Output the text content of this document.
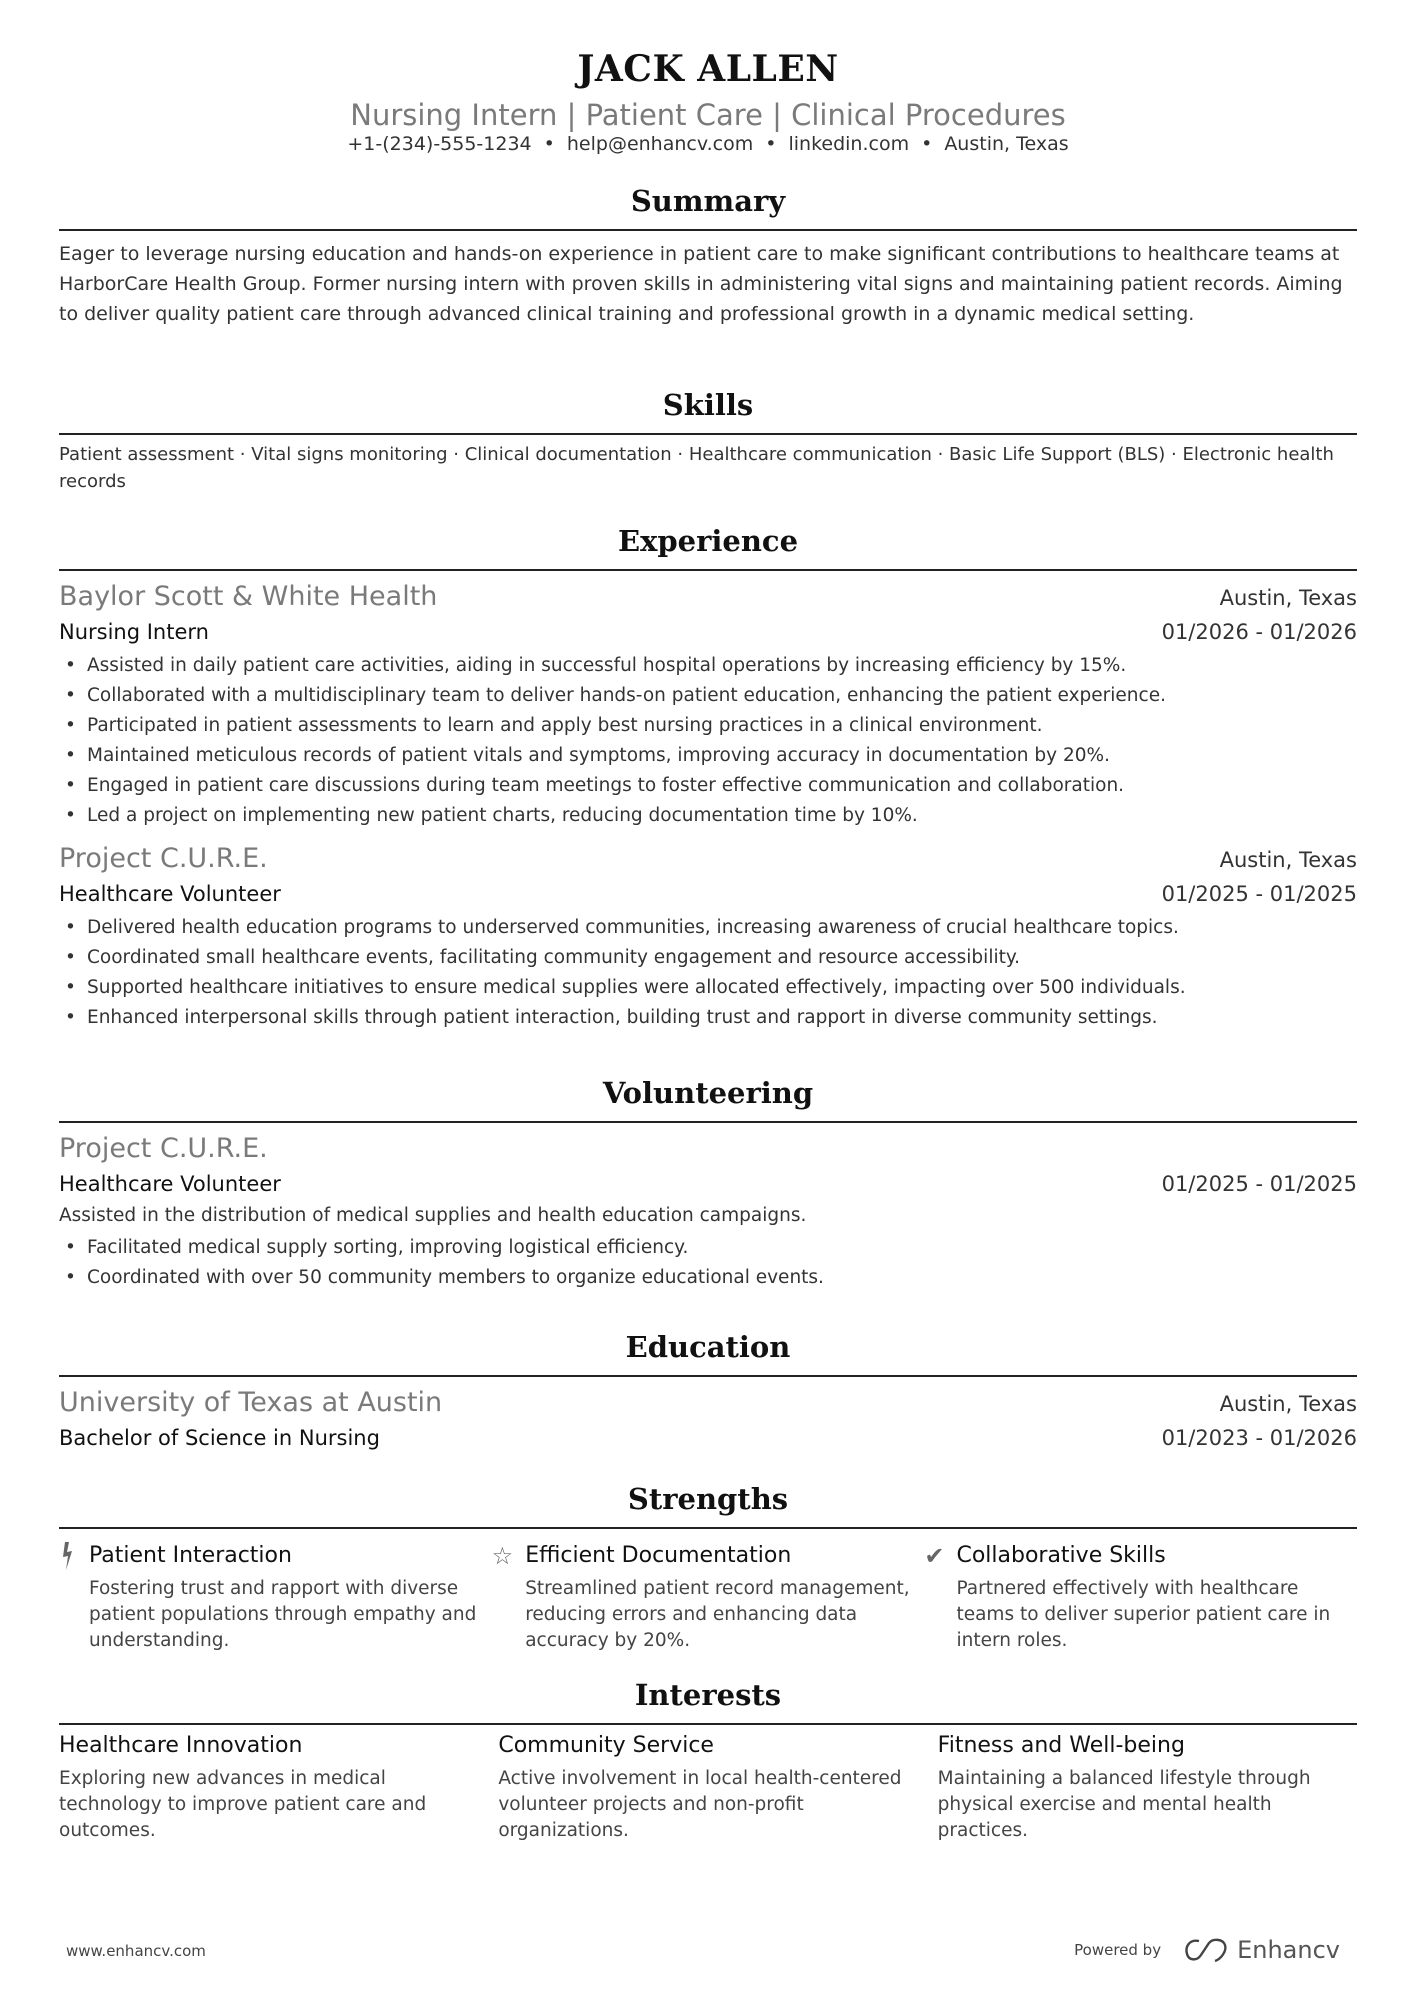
JACK ALLEN
Nursing Intern | Patient Care | Clinical Procedures
+1-(234)-555-1234 • help@enhancv.com • linkedin.com • Austin, Texas
Summary
Eager to leverage nursing education and hands-on experience in patient care to make significant contributions to healthcare teams at HarborCare Health Group. Former nursing intern with proven skills in administering vital signs and maintaining patient records. Aiming to deliver quality patient care through advanced clinical training and professional growth in a dynamic medical setting.
Skills
Patient assessment · Vital signs monitoring · Clinical documentation · Healthcare communication · Basic Life Support (BLS) · Electronic health records
Experience
Baylor Scott & White Health	Austin, Texas
Nursing Intern	01/2026 - 01/2026
• Assisted in daily patient care activities, aiding in successful hospital operations by increasing efficiency by 15%.
• Collaborated with a multidisciplinary team to deliver hands-on patient education, enhancing the patient experience.
• Participated in patient assessments to learn and apply best nursing practices in a clinical environment.
• Maintained meticulous records of patient vitals and symptoms, improving accuracy in documentation by 20%.
• Engaged in patient care discussions during team meetings to foster effective communication and collaboration.
• Led a project on implementing new patient charts, reducing documentation time by 10%.
Project C.U.R.E.	Austin, Texas
Healthcare Volunteer	01/2025 - 01/2025
• Delivered health education programs to underserved communities, increasing awareness of crucial healthcare topics.
• Coordinated small healthcare events, facilitating community engagement and resource accessibility.
• Supported healthcare initiatives to ensure medical supplies were allocated effectively, impacting over 500 individuals.
• Enhanced interpersonal skills through patient interaction, building trust and rapport in diverse community settings.
Volunteering
Project C.U.R.E.
Healthcare Volunteer	01/2025 - 01/2025
Assisted in the distribution of medical supplies and health education campaigns.
• Facilitated medical supply sorting, improving logistical efficiency.
• Coordinated with over 50 community members to organize educational events.
Education
University of Texas at Austin	Austin, Texas
Bachelor of Science in Nursing	01/2023 - 01/2026
Strengths
Patient Interaction
Fostering trust and rapport with diverse patient populations through empathy and understanding.
☆ Efficient Documentation
Streamlined patient record management, reducing errors and enhancing data accuracy by 20%.
✔ Collaborative Skills
Partnered effectively with healthcare teams to deliver superior patient care in intern roles.
Interests
Healthcare Innovation
Exploring new advances in medical technology to improve patient care and outcomes.
Community Service
Active involvement in local health-centered volunteer projects and non-profit organizations.
Fitness and Well-being
Maintaining a balanced lifestyle through physical exercise and mental health practices.
www.enhancv.com	Powered by	Enhancv
